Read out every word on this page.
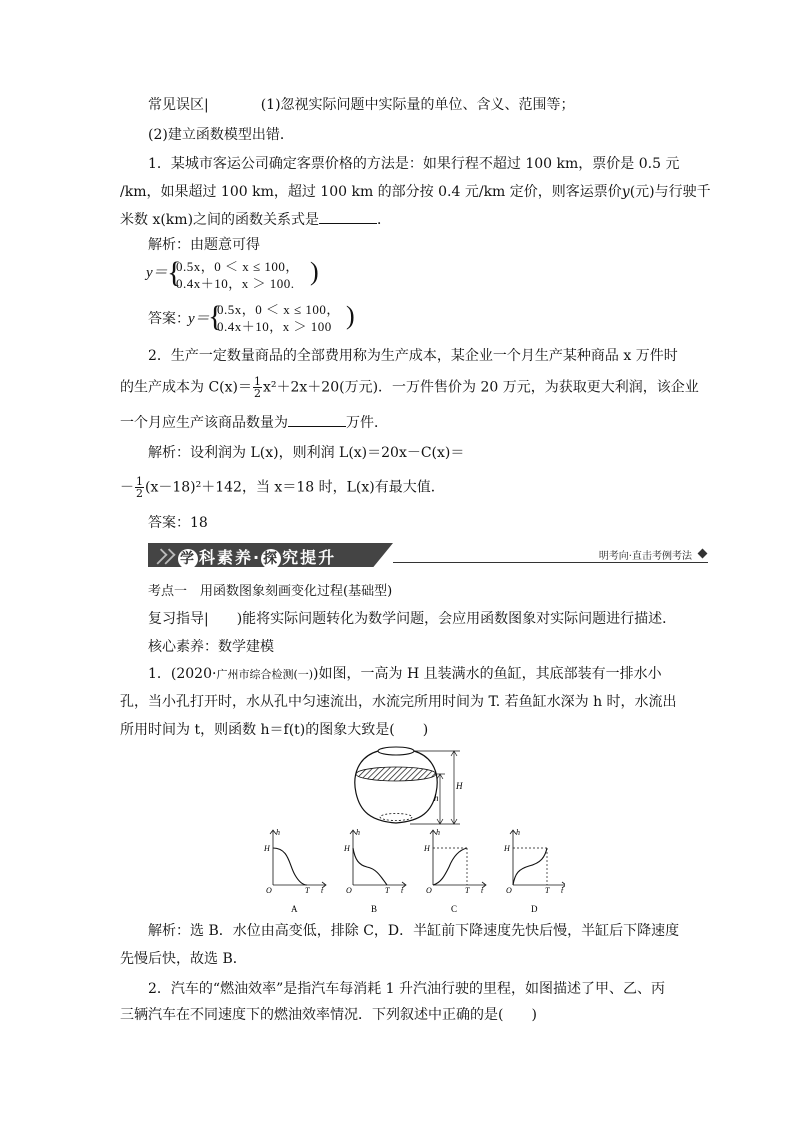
常见误区|	(1)忽视实际问题中实际量的单位、含义、范围等；
(2)建立函数模型出错．
1．某城市客运公司确定客票价格的方法是：如果行程不超过 100 km，票价是 0.5 元
/km，如果超过 100 km，超过 100 km 的部分按 0.4 元/km 定价，则客运票价y(元)与行驶千
米数 x(km)之间的函数关系式是	．
解析：由题意可得
y＝ {
0.5x，0 ＜ x ≤ 100，
0.4x＋10，x ＞ 100. )
答案：
y＝
{
0.5x，0 ＜ x ≤ 100，
0.4x＋10，x ＞ 100 )
2．生产一定数量商品的全部费用称为生产成本，某企业一个月生产某种商品 x 万件时
的生产成本为 $C(x)= \frac{1}{2} x^2+2x+20$(万元)．一万件售价为 20 万元，为获取更大利润，该企业
一个月应生产该商品数量为	万件．
解析：设利润为 L(x)，则利润 L(x)＝20x－C(x)＝
－ $\frac{1}{2} (x-18)^2+142$，当 x＝18 时，L(x)有最大值．
答案：18
学 科素养· 探 究提升	明考向·直击考例考法
考点一　用函数图象刻画变化过程(基础型)
复习指导|　　)能将实际问题转化为数学问题，会应用函数图象对实际问题进行描述．
核心素养：数学建模
1．(2020·广州市综合检测(一))如图，一高为 H 且装满水的鱼缸，其底部装有一排水小
孔，当小孔打开时，水从孔中匀速流出，水流完所用时间为 T. 若鱼缸水深为 h 时，水流出
所用时间为 t，则函数 h＝f(t)的图象大致是(　　)
H
h
h
H
O	T t
A
h
H
O	T t
B
h
H
O	T t
C
h
H
O	T t
D
解析：选 B．水位由高变低，排除 C，D．半缸前下降速度先快后慢，半缸后下降速度
先慢后快，故选 B．
2．汽车的“燃油效率”是指汽车每消耗 1 升汽油行驶的里程，如图描述了甲、乙、丙
三辆汽车在不同速度下的燃油效率情况．下列叙述中正确的是(　　)
